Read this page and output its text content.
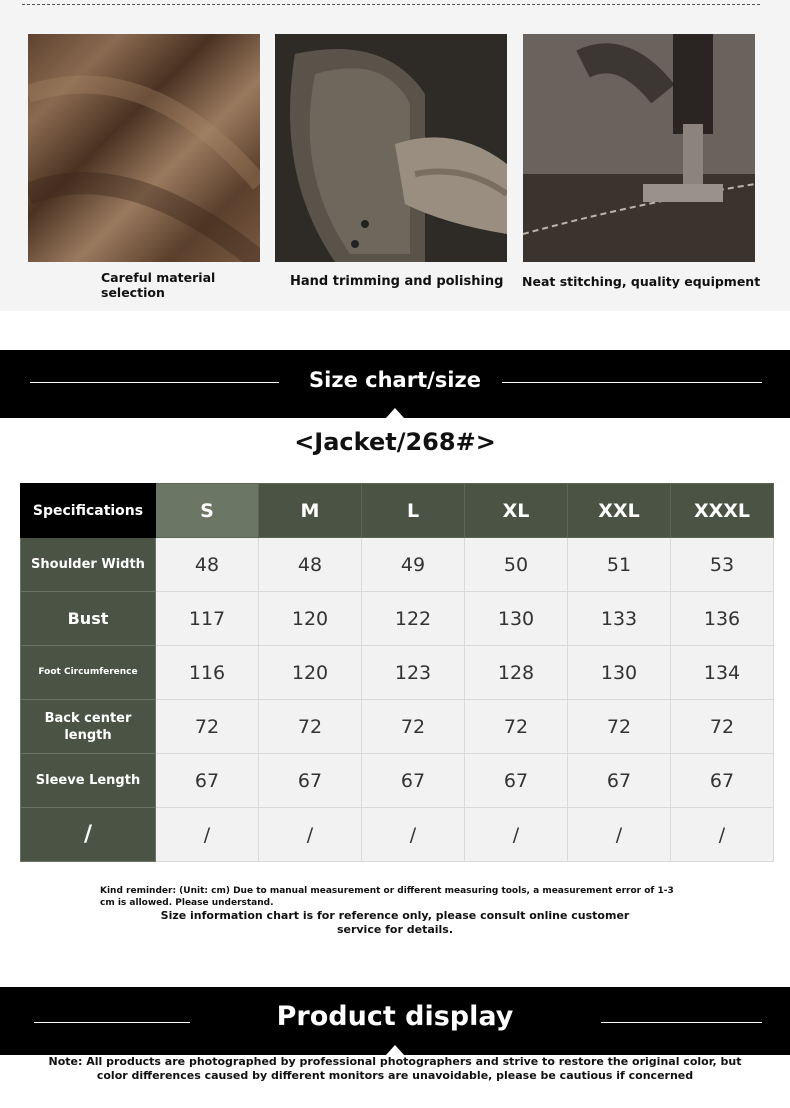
Careful material selection
Hand trimming and polishing Neat stitching, quality equipment
Size chart/size
<Jacket/268#>
Specifications	S	M	L	XL	XXL	XXXL
Shoulder Width	48	48	49	50	51	53
Bust	117	120	122	130	133	136
Foot Circumference	116	120	123	128	130	134
Back center length	72	72	72	72	72	72
Sleeve Length	67	67	67	67	67	67
/	/	/	/	/	/	/
Kind reminder: (Unit: cm) Due to manual measurement or different measuring tools, a measurement error of 1-3 cm is allowed. Please understand.
Size information chart is for reference only, please consult online customer service for details.
Product display
Note: All products are photographed by professional photographers and strive to restore the original color, but color differences caused by different monitors are unavoidable, please be cautious if concerned
